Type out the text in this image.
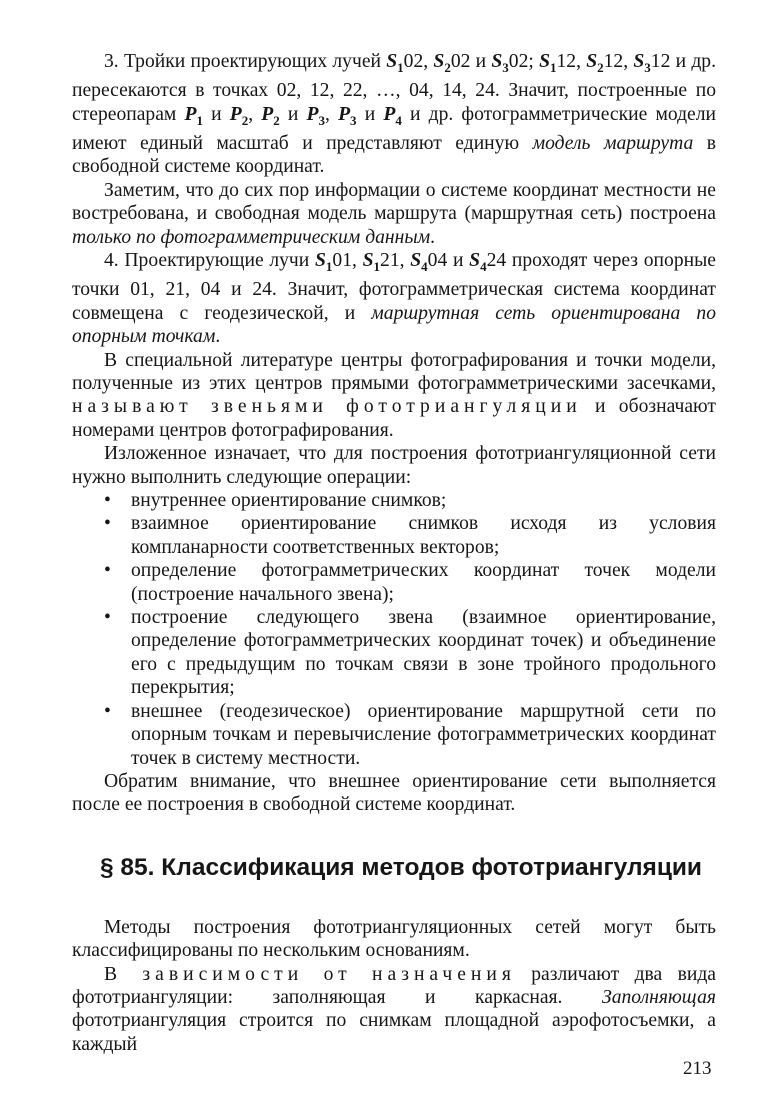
3. Тройки проектирующих лучей $S_102$, $S_202$ и $S_302$; $S_112$, $S_212$, $S_312$ и др. пересекаются в точках 02, 12, 22, …, 04, 14, 24. Значит, построенные по стереопарам $P_1$ и $P_2$, $P_2$ и $P_3$, $P_3$ и $P_4$ и др. фотограмметрические модели имеют единый масштаб и представляют единую модель маршрута в свободной системе координат.

Заметим, что до сих пор информации о системе координат местности не востребована, и свободная модель маршрута (маршрутная сеть) построена только по фотограмметрическим данным.

4. Проектирующие лучи $S_101$, $S_121$, $S_404$ и $S_424$ проходят через опорные точки 01, 21, 04 и 24. Значит, фотограмметрическая система координат совмещена с геодезической, и маршрутная сеть ориентирована по опорным точкам.

В специальной литературе центры фотографирования и точки модели, полученные из этих центров прямыми фотограмметрическими засечками, называют звеньями фототриангуляции и обозначают номерами центров фотографирования.

Изложенное изначает, что для построения фототриангуляционной сети нужно выполнить следующие операции:

• внутреннее ориентирование снимков;
• взаимное ориентирование снимков исходя из условия компланарности соответственных векторов;
• определение фотограмметрических координат точек модели (построение начального звена);
• построение следующего звена (взаимное ориентирование, определение фотограмметрических координат точек) и объединение его с предыдущим по точкам связи в зоне тройного продольного перекрытия;
• внешнее (геодезическое) ориентирование маршрутной сети по опорным точкам и перевычисление фотограмметрических координат точек в систему местности.

Обратим внимание, что внешнее ориентирование сети выполняется после ее построения в свободной системе координат.

§ 85. Классификация методов фототриангуляции

Методы построения фототриангуляционных сетей могут быть классифицированы по нескольким основаниям.

В зависимости от назначения различают два вида фототриангуляции: заполняющая и каркасная. Заполняющая фототриангуляция строится по снимкам площадной аэрофотосъемки, а каждый

213
